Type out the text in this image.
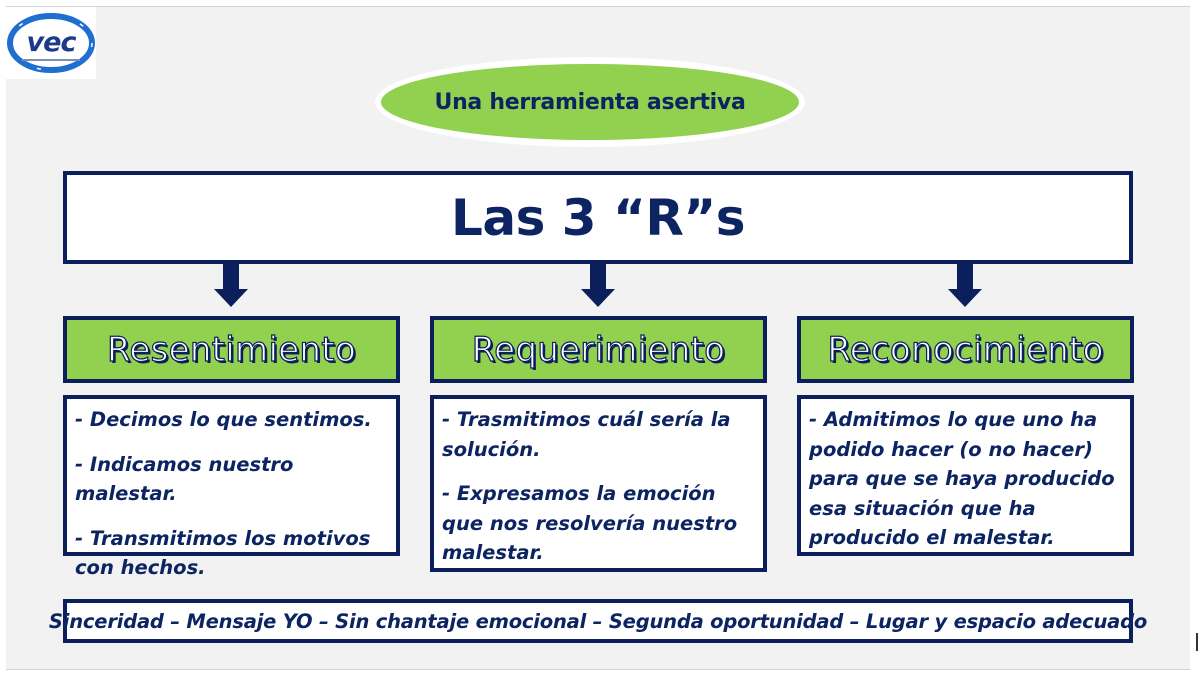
vec
Una herramienta asertiva
Las 3 “R”s
Resentimiento	Requerimiento	Reconocimiento

- Decimos lo que sentimos.

- Indicamos nuestro malestar.

- Transmitimos los motivos con hechos.

- Trasmitimos cuál sería la solución.

- Expresamos la emoción que nos resolvería nuestro malestar.

- Admitimos lo que uno ha podido hacer (o no hacer) para que se haya producido esa situación que ha producido el malestar.

Sinceridad – Mensaje YO – Sin chantaje emocional – Segunda oportunidad – Lugar y espacio adecuado
